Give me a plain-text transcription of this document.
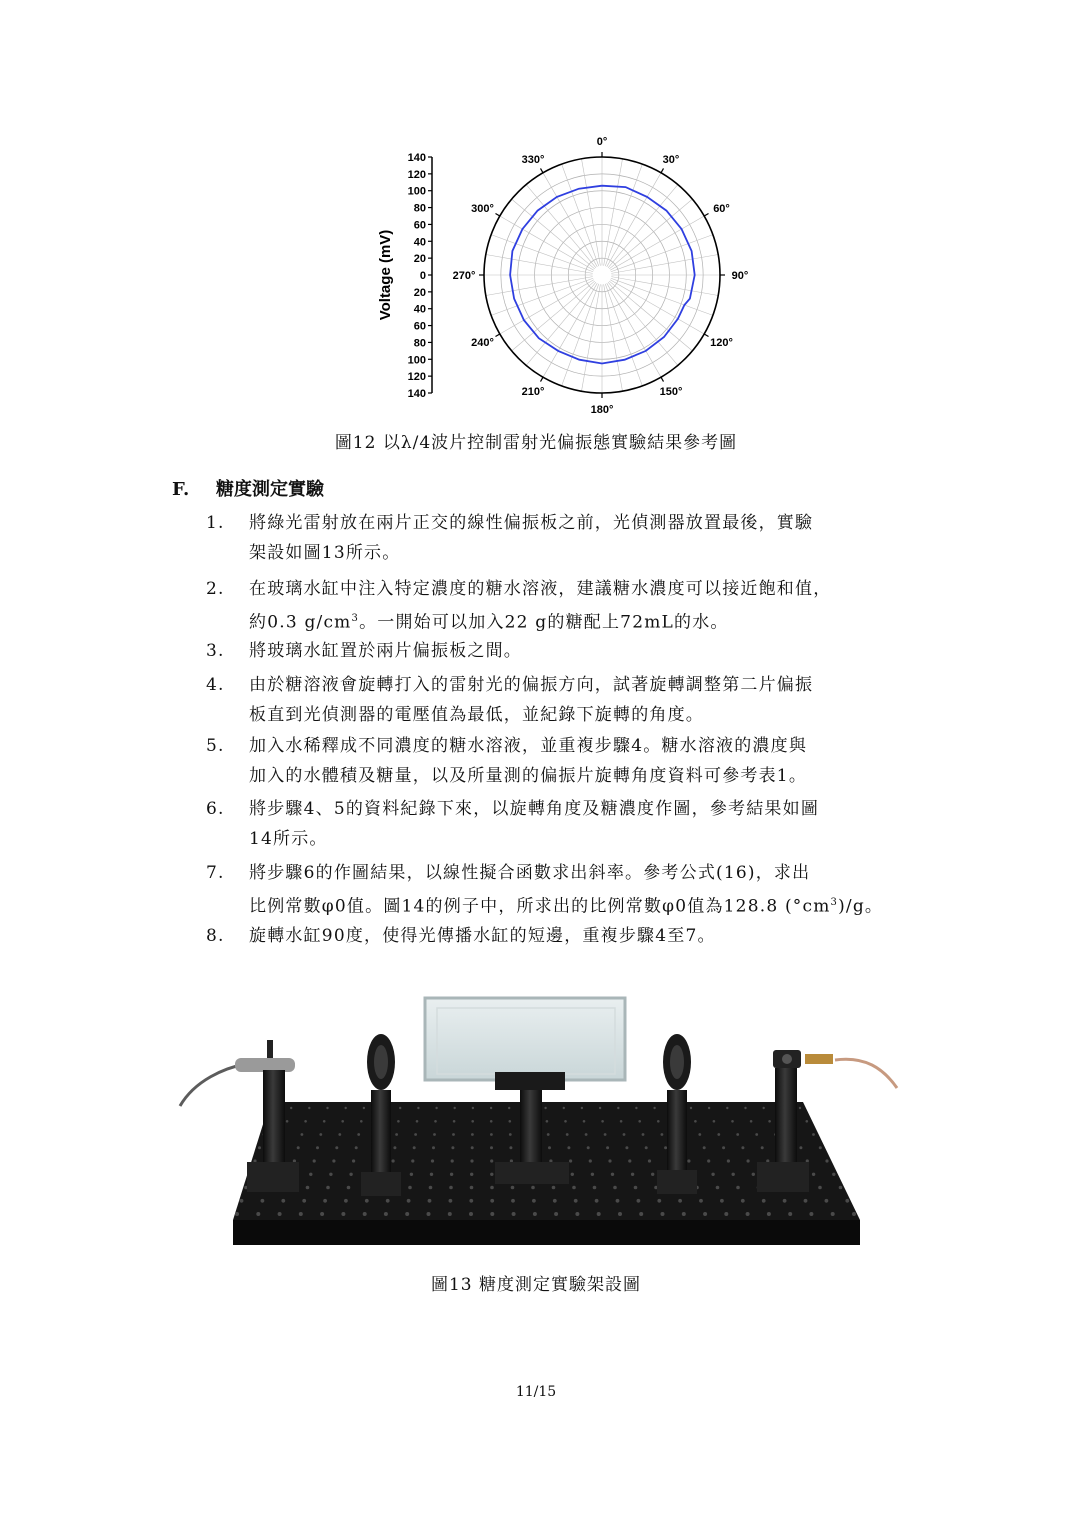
140
120
100
80
60
40
20
0
20
40
60
80
100
120
140
Voltage (mV)
0°
30°
60°
90°
120°
150°
180°
210°
240°
270°
300°
330°
圖12 以λ/4波片控制雷射光偏振態實驗結果參考圖
F. 糖度測定實驗
1.	將綠光雷射放在兩片正交的線性偏振板之前，光偵測器放置最後，實驗
架設如圖13所示。
2.	在玻璃水缸中注入特定濃度的糖水溶液，建議糖水濃度可以接近飽和值，
約0.3 $g/cm^3$。一開始可以加入22 g的糖配上72mL的水。
3.	將玻璃水缸置於兩片偏振板之間。
4.	由於糖溶液會旋轉打入的雷射光的偏振方向，試著旋轉調整第二片偏振
板直到光偵測器的電壓值為最低，並紀錄下旋轉的角度。
5.	加入水稀釋成不同濃度的糖水溶液，並重複步驟4。糖水溶液的濃度與
加入的水體積及糖量，以及所量測的偏振片旋轉角度資料可參考表1。
6.	將步驟4、5的資料紀錄下來，以旋轉角度及糖濃度作圖，參考結果如圖
14所示。
7.	將步驟6的作圖結果，以線性擬合函數求出斜率。參考公式(16)，求出
比例常數φ0值。圖14的例子中，所求出的比例常數φ0值為128.8 $(^\circ cm^3)/g$。
8.	旋轉水缸90度，使得光傳播水缸的短邊，重複步驟4至7。
圖13 糖度測定實驗架設圖
11/15
